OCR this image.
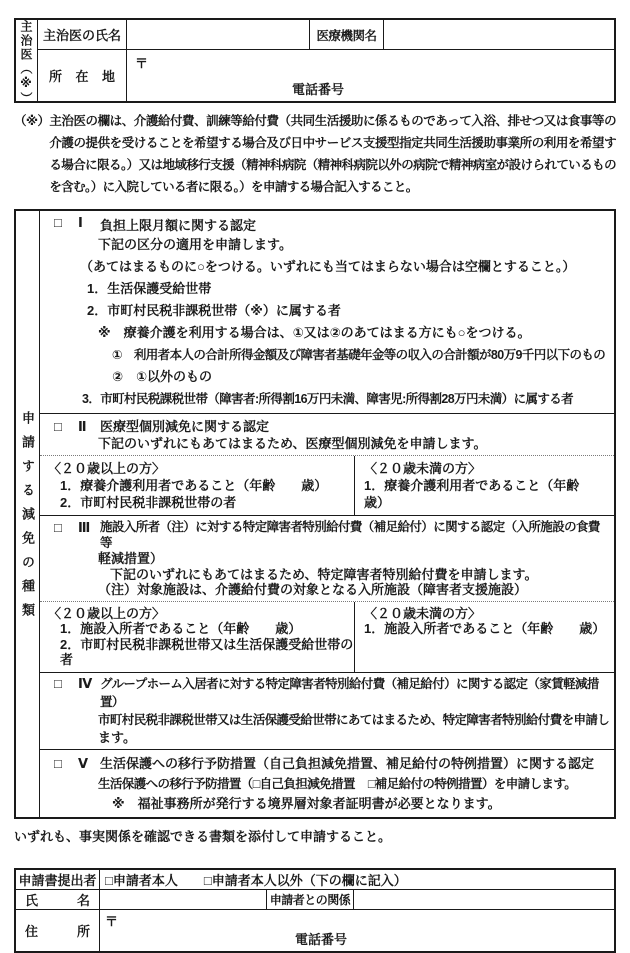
主治医（※） 主治医の氏名	医療機関名
所 在 地
〒
電話番号
（※） 主治医の欄は、介護給付費、訓練等給付費（共同生活援助に係るものであって入浴、排せつ又は食事等の介護の提供を受けることを希望する場合及び日中サービス支援型指定共同生活援助事業所の利用を希望する場合に限る。）又は地域移行支援（精神科病院（精神科病院以外の病院で精神病室が設けられているものを含む。）に入院している者に限る。）を申請する場合記入すること。
申請する減免の種類
□	Ⅰ	負担上限月額に関する認定
下記の区分の適用を申請します。
（あてはまるものに○をつける。いずれにも当てはまらない場合は空欄とすること。）
1．生活保護受給世帯
2．市町村民税非課税世帯（※）に属する者
※　療養介護を利用する場合は、①又は②のあてはまる方にも○をつける。
①　利用者本人の合計所得金額及び障害者基礎年金等の収入の合計額が80万9千円以下のもの
②　①以外のもの
3．市町村民税課税世帯（障害者:所得割16万円未満、障害児:所得割28万円未満）に属する者
□	Ⅱ	医療型個別減免に関する認定
下記のいずれにもあてはまるため、医療型個別減免を申請します。
〈２０歳以上の方〉
1．療養介護利用者であること（年齢　　歳）
2．市町村民税非課税世帯の者
〈２０歳未満の方〉
1．療養介護利用者であること（年齢　　歳）
□	Ⅲ 施設入所者（注）に対する特定障害者特別給付費（補足給付）に関する認定（入所施設の食費等
軽減措置）
下記のいずれにもあてはまるため、特定障害者特別給付費を申請します。
（注）対象施設は、介護給付費の対象となる入所施設（障害者支援施設）
〈２０歳以上の方〉
1．施設入所者であること（年齢　　歳）
2．市町村民税非課税世帯又は生活保護受給世帯の者
〈２０歳未満の方〉
1．施設入所者であること（年齢　　歳）
□	Ⅳ グループホーム入居者に対する特定障害者特別給付費（補足給付）に関する認定（家賃軽減措置）
市町村民税非課税世帯又は生活保護受給世帯にあてはまるため、特定障害者特別給付費を申請し
ます。
□	Ⅴ 生活保護への移行予防措置（自己負担減免措置、補足給付の特例措置）に関する認定
生活保護への移行予防措置（ □自己負担減免措置 □補足給付の特例措置 ）を申請します。
※　福祉事務所が発行する境界層対象者証明書が必要となります。
いずれも、事実関係を確認できる書類を添付して申請すること。
申請書提出者 □申請者本人 □申請者本人以外（下の欄に記入）
氏	名	申請者との関係
住	所
〒
電話番号
